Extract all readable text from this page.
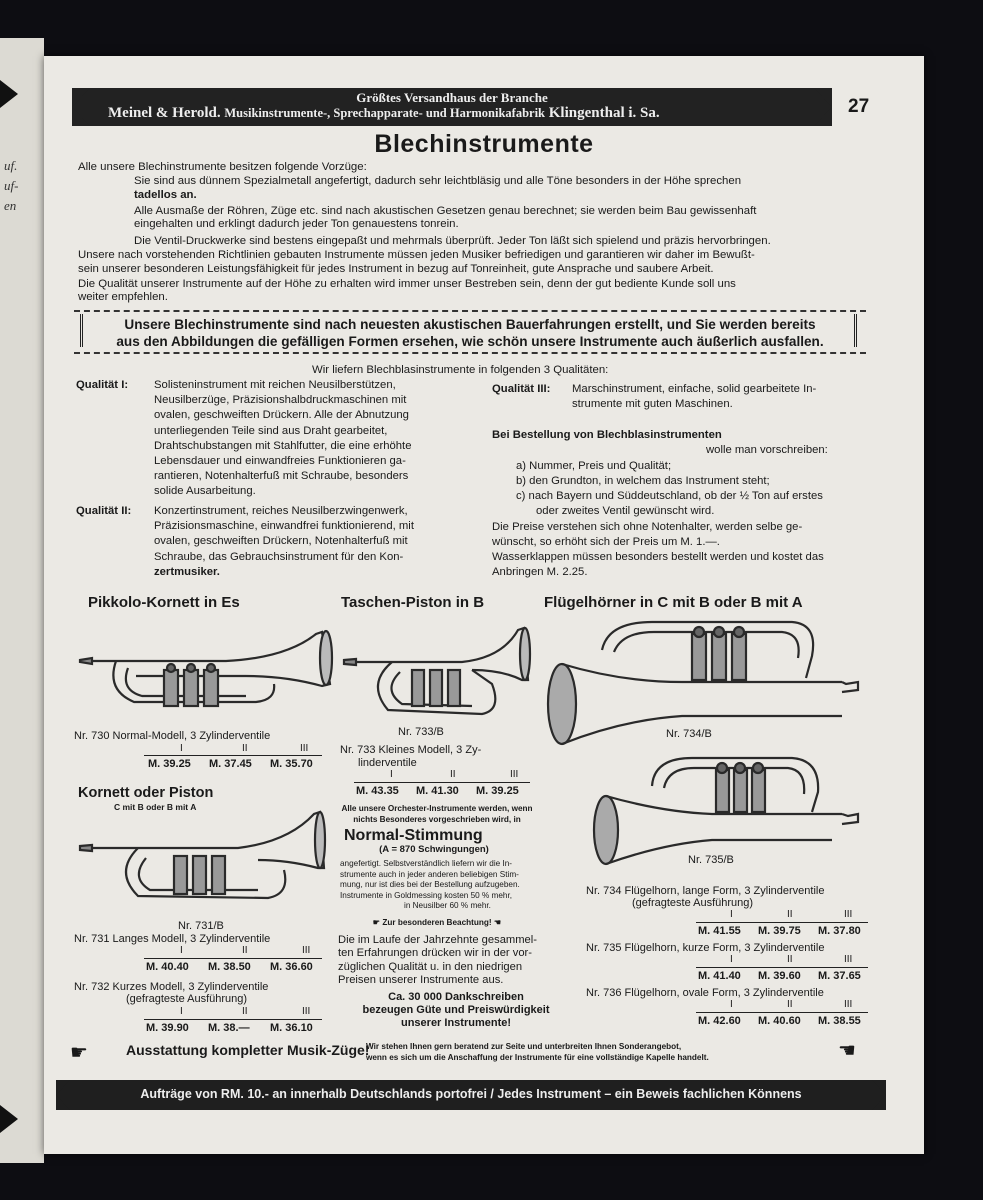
uf.
uf-
en
Größtes Versandhaus der Branche
Meinel & Herold. Musikinstrumente-, Sprechapparate- und Harmonikafabrik Klingenthal i. Sa.	27
Blechinstrumente
Alle unsere Blechinstrumente besitzen folgende Vorzüge:
Sie sind aus dünnem Spezialmetall angefertigt, dadurch sehr leichtbläsig und alle Töne besonders in der Höhe sprechen
tadellos an.
Alle Ausmaße der Röhren, Züge etc. sind nach akustischen Gesetzen genau berechnet; sie werden beim Bau gewissenhaft
eingehalten und erklingt dadurch jeder Ton genauestens tonrein.
Die Ventil-Druckwerke sind bestens eingepaßt und mehrmals überprüft. Jeder Ton läßt sich spielend und präzis hervorbringen.
Unsere nach vorstehenden Richtlinien gebauten Instrumente müssen jeden Musiker befriedigen und garantieren wir daher im Bewußt-
sein unserer besonderen Leistungsfähigkeit für jedes Instrument in bezug auf Tonreinheit, gute Ansprache und saubere Arbeit.
Die Qualität unserer Instrumente auf der Höhe zu erhalten wird immer unser Bestreben sein, denn der gut bediente Kunde soll uns
weiter empfehlen.
Unsere Blechinstrumente sind nach neuesten akustischen Bauerfahrungen erstellt, und Sie werden bereits
aus den Abbildungen die gefälligen Formen ersehen, wie schön unsere Instrumente auch äußerlich ausfallen.
Wir liefern Blechblasinstrumente in folgenden 3 Qualitäten:
Qualität I: Solisteninstrument mit reichen Neusilberstützen,
Neusilberzüge, Präzisionshalbdruckmaschinen mit
ovalen, geschweiften Drückern. Alle der Abnutzung
unterliegenden Teile sind aus Draht gearbeitet,
Drahtschubstangen mit Stahlfutter, die eine erhöhte
Lebensdauer und einwandfreies Funktionieren ga-
rantieren, Notenhalterfuß mit Schraube, besonders
solide Ausarbeitung.
Qualität II: Konzertinstrument, reiches Neusilberzwingenwerk,
Präzisionsmaschine, einwandfrei funktionierend, mit
ovalen, geschweiften Drückern, Notenhalterfuß mit
Schraube, das Gebrauchsinstrument für den Kon-
zertmusiker.
Qualität III: Marschinstrument, einfache, solid gearbeitete In-
strumente mit guten Maschinen.
Bei Bestellung von Blechblasinstrumenten
wolle man vorschreiben:
a) Nummer, Preis und Qualität;
b) den Grundton, in welchem das Instrument steht;
c) nach Bayern und Süddeutschland, ob der ½ Ton auf erstes
oder zweites Ventil gewünscht wird.
Die Preise verstehen sich ohne Notenhalter, werden selbe ge-
wünscht, so erhöht sich der Preis um M. 1.—.
Wasserklappen müssen besonders bestellt werden und kostet das
Anbringen M. 2.25.
Pikkolo-Kornett in Es	Taschen-Piston in B	Flügelhörner in C mit B oder B mit A
Nr. 733/B	Nr. 734/B
Nr. 730 Normal-Modell, 3 Zylinderventile
I	II	III
M. 39.25 M. 37.45 M. 35.70
Nr. 733 Kleines Modell, 3 Zy-
linderventile
I	II	III
M. 43.35 M. 41.30 M. 39.25
Kornett oder Piston
C mit B oder B mit A
Nr. 731/B
Nr. 731 Langes Modell, 3 Zylinderventile
I	II	III
M. 40.40 M. 38.50 M. 36.60
Nr. 732 Kurzes Modell, 3 Zylinderventile
(gefragteste Ausführung)
I	II	III
M. 39.90 M. 38.— M. 36.10
Alle unsere Orchester-Instrumente werden, wenn
nichts Besonderes vorgeschrieben wird, in
Normal-Stimmung
(A = 870 Schwingungen)
angefertigt. Selbstverständlich liefern wir die In-
strumente auch in jeder anderen beliebigen Stim-
mung, nur ist dies bei der Bestellung aufzugeben.
Instrumente in Goldmessing kosten 50 % mehr,
in Neusilber 60 % mehr.
☛ Zur besonderen Beachtung! ☚
Die im Laufe der Jahrzehnte gesammel-
ten Erfahrungen drücken wir in der vor-
züglichen Qualität u. in den niedrigen
Preisen unserer Instrumente aus.
Ca. 30 000 Dankschreiben
bezeugen Güte und Preiswürdigkeit
unserer Instrumente!
Nr. 735/B
Nr. 734 Flügelhorn, lange Form, 3 Zylinderventile
(gefragteste Ausführung)
I	II	III
M. 41.55 M. 39.75 M. 37.80
Nr. 735 Flügelhorn, kurze Form, 3 Zylinderventile
I	II	III
M. 41.40 M. 39.60 M. 37.65
Nr. 736 Flügelhorn, ovale Form, 3 Zylinderventile
I	II	III
M. 42.60 M. 40.60 M. 38.55
☛	Ausstattung kompletter Musik-Züge!
Wir stehen Ihnen gern beratend zur Seite und unterbreiten Ihnen Sonderangebot,
wenn es sich um die Anschaffung der Instrumente für eine vollständige Kapelle handelt.	☚
Aufträge von RM. 10.- an innerhalb Deutschlands portofrei / Jedes Instrument – ein Beweis fachlichen Könnens
